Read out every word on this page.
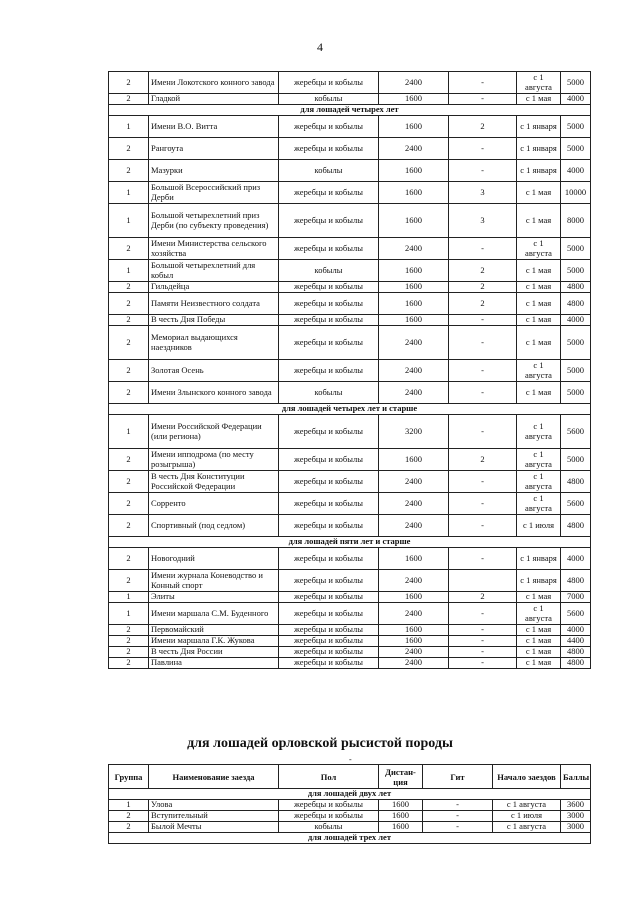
4
2	Имени Локотского конного завода	жеребцы и кобылы	2400	-	с 1 августа	5000
2	Гладкой	кобылы	1600	-	с 1 мая	4000
для лошадей четырех лет						
1	Имени В.О. Витта	жеребцы и кобылы	1600	2	с 1 января	5000
2	Рангоута	жеребцы и кобылы	2400	-	с 1 января	5000
2	Мазурки	кобылы	1600	-	с 1 января	4000
1	Большой Всероссийский приз Дерби	жеребцы и кобылы	1600	3	с 1 мая	10000
1	Большой четырехлетний приз Дерби (по субъекту проведения)	жеребцы и кобылы	1600	3	с 1 мая	8000
2	Имени Министерства сельского хозяйства	жеребцы и кобылы	2400	-	с 1 августа	5000
1	Большой четырехлетний для кобыл	кобылы	1600	2	с 1 мая	5000
2	Гильдейца	жеребцы и кобылы	1600	2	с 1 мая	4800
2	Памяти Неизвестного солдата	жеребцы и кобылы	1600	2	с 1 мая	4800
2	В честь Дня Победы	жеребцы и кобылы	1600	-	с 1 мая	4000
2	Мемориал выдающихся наездников	жеребцы и кобылы	2400	-	с 1 мая	5000
2	Золотая Осень	жеребцы и кобылы	2400	-	с 1 августа	5000
2	Имени Злынского конного завода	кобылы	2400	-	с 1 мая	5000
для лошадей четырех лет и старше						
1	Имени Российской Федерации (или региона)	жеребцы и кобылы	3200	-	с 1 августа	5600
2	Имени ипподрома (по месту розыгрыша)	жеребцы и кобылы	1600	2	с 1 августа	5000
2	В честь Дня Конституции Российской Федерации	жеребцы и кобылы	2400	-	с 1 августа	4800
2	Сорренто	жеребцы и кобылы	2400	-	с 1 августа	5600
2	Спортивный (под седлом)	жеребцы и кобылы	2400	-	с 1 июля	4800
для лошадей пяти лет и старше						
2	Новогодний	жеребцы и кобылы	1600	-	с 1 января	4000
2	Имени журнала Коневодство и Конный спорт	жеребцы и кобылы	2400		с 1 января	4800
1	Элиты	жеребцы и кобылы	1600	2	с 1 мая	7000
1	Имени маршала С.М. Буденного	жеребцы и кобылы	2400	-	с 1 августа	5600
2	Первомайский	жеребцы и кобылы	1600	-	с 1 мая	4000
2	Имени маршала Г.К. Жукова	жеребцы и кобылы	1600	-	с 1 мая	4400
2	В честь Дня России	жеребцы и кобылы	2400	-	с 1 мая	4800
2	Павлина	жеребцы и кобылы	2400	-	с 1 мая	4800
для лошадей орловской рысистой породы
-
Группа	Наименование заезда	Пол	Дистан-ция	Гит	Начало заездов	Баллы
для лошадей двух лет						
1	Улова	жеребцы и кобылы	1600	-	с 1 августа	3600
2	Вступительный	жеребцы и кобылы	1600	-	с 1 июля	3000
2	Былой Мечты	кобылы	1600	-	с 1 августа	3000
для лошадей трех лет						
